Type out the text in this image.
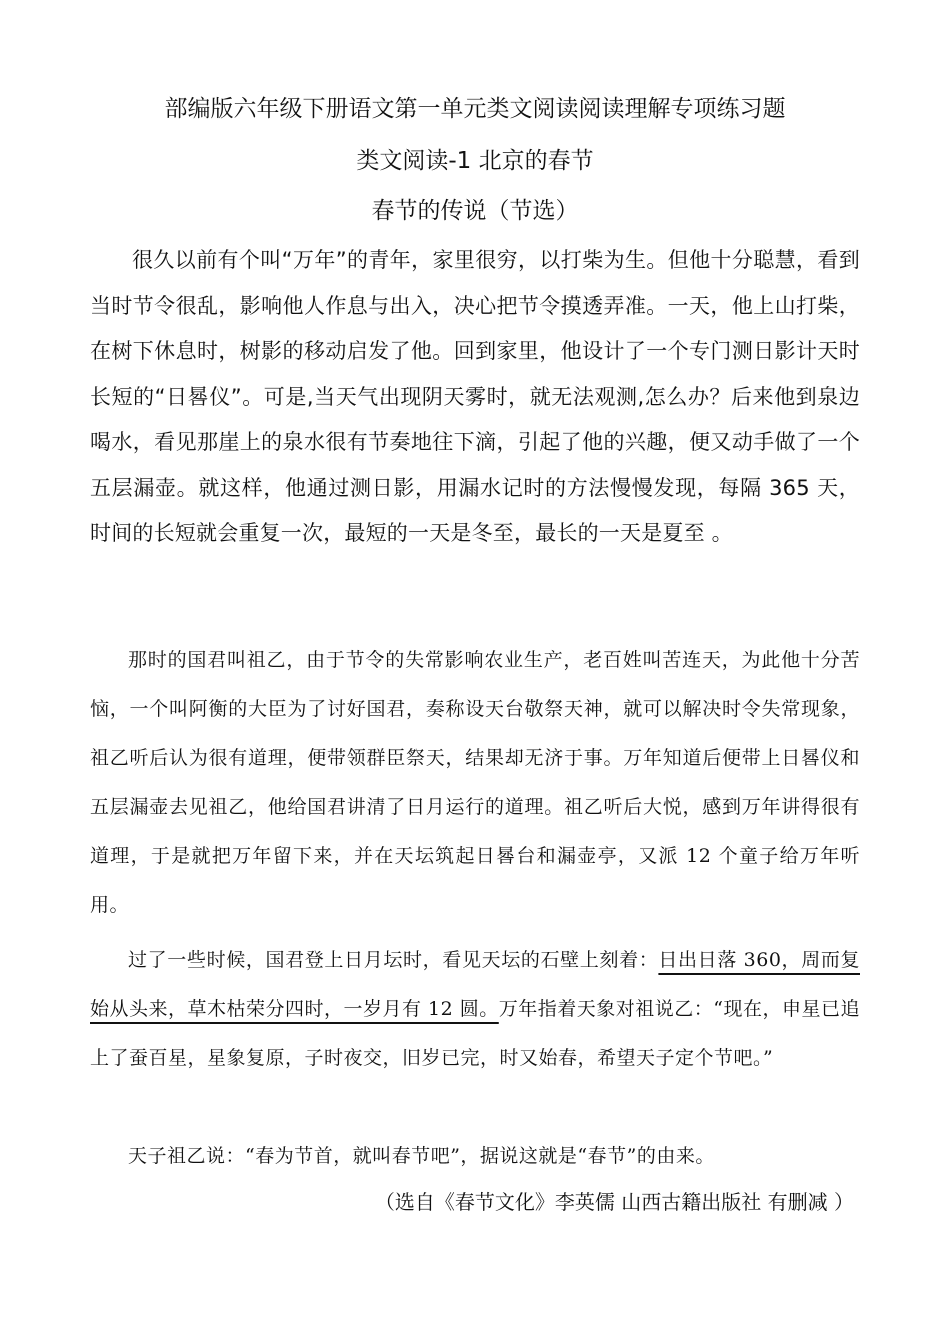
部编版六年级下册语文第一单元类文阅读阅读理解专项练习题
类文阅读-1 北京的春节
春节的传说（节选）

很久以前有个叫“万年”的青年，家里很穷，以打柴为生。但他十分聪慧，看到当时节令很乱，影响他人作息与出入，决心把节令摸透弄准。一天，他上山打柴，在树下休息时，树影的移动启发了他。回到家里，他设计了一个专门测日影计天时长短的“日晷仪”。可是,当天气出现阴天雾时，就无法观测,怎么办？后来他到泉边喝水，看见那崖上的泉水很有节奏地往下滴，引起了他的兴趣，便又动手做了一个五层漏壶。就这样，他通过测日影，用漏水记时的方法慢慢发现，每隔 365 天，时间的长短就会重复一次，最短的一天是冬至，最长的一天是夏至 。

那时的国君叫祖乙，由于节令的失常影响农业生产，老百姓叫苦连天，为此他十分苦恼，一个叫阿衡的大臣为了讨好国君，奏称设天台敬祭天神，就可以解决时令失常现象，祖乙听后认为很有道理，便带领群臣祭天，结果却无济于事。万年知道后便带上日晷仪和五层漏壶去见祖乙，他给国君讲清了日月运行的道理。祖乙听后大悦，感到万年讲得很有道理，于是就把万年留下来，并在天坛筑起日晷台和漏壶亭，又派 12 个童子给万年听用。

过了一些时候，国君登上日月坛时，看见天坛的石壁上刻着：日出日落 360，周而复始从头来，草木枯荣分四时，一岁月有 12 圆。万年指着天象对祖说乙：“现在，申星已追上了蚕百星，星象复原，子时夜交，旧岁已完，时又始春，希望天子定个节吧。”

天子祖乙说：“春为节首，就叫春节吧”，据说这就是“春节”的由来。

（选自《春节文化》李英儒 山西古籍出版社 有删减 ）
